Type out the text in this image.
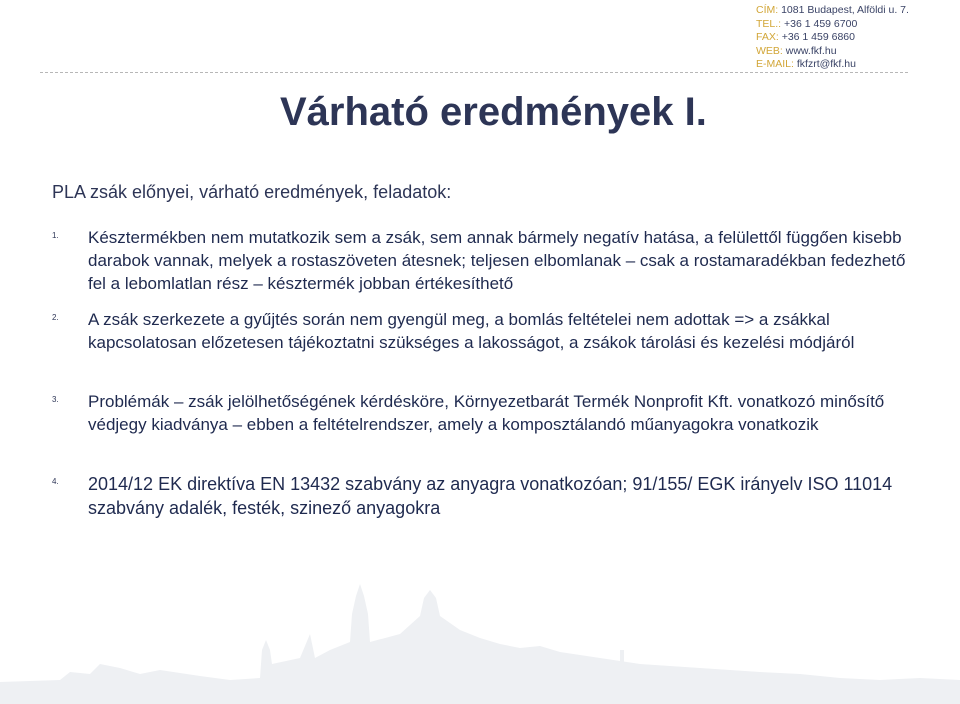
CÍM: 1081 Budapest, Alföldi u. 7.
TEL.: +36 1 459 6700
FAX: +36 1 459 6860
WEB: www.fkf.hu
E-MAIL: fkfzrt@fkf.hu
Várható eredmények I.
PLA zsák előnyei, várható eredmények, feladatok:
1. Késztermékben nem mutatkozik sem a zsák, sem annak bármely negatív hatása, a felülettől függően kisebb darabok vannak, melyek a rostaszöveten átesnek; teljesen elbomlanak – csak a rostamaradékban fedezhető fel a lebomlatlan rész – késztermék jobban értékesíthető
2. A zsák szerkezete a gyűjtés során nem gyengül meg, a bomlás feltételei nem adottak => a zsákkal kapcsolatosan előzetesen tájékoztatni szükséges a lakosságot, a zsákok tárolási és kezelési módjáról
3. Problémák – zsák jelölhetőségének kérdésköre, Környezetbarát Termék Nonprofit Kft. vonatkozó minősítő védjegy kiadványa – ebben a feltételrendszer, amely a komposztálandó műanyagokra vonatkozik
4. 2014/12 EK direktíva EN 13432 szabvány az anyagra vonatkozóan; 91/155/ EGK irányelv ISO 11014 szabvány adalék, festék, szinező anyagokra
